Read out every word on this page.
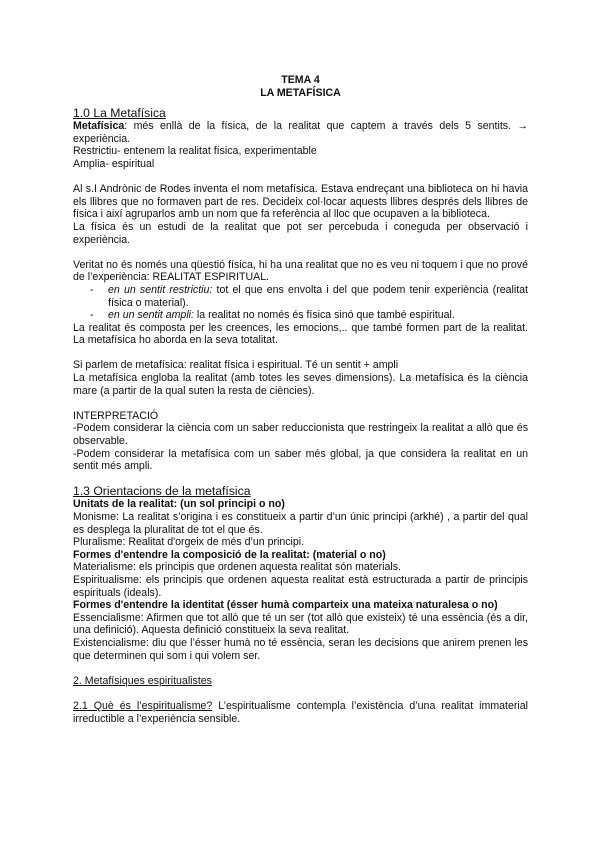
TEMA 4

LA METAFÍSICA

1.0 La Metafísica

Metafísica: més enllà de la física, de la realitat que captem a través dels 5 sentits. → experiència.

Restrictiu- entenem la realitat física, experimentable

Amplia- espiritual

Al s.I Andrònic de Rodes inventa el nom metafísica. Estava endreçant una biblioteca on hi havia els llibres que no formaven part de res. Decideix col·locar aquests llibres després dels llibres de física i així agruparlos amb un nom que fa referència al lloc que ocupaven a la biblioteca.

La física és un estudi de la realitat que pot ser percebuda i coneguda per observació i experiència.

Veritat no és només una qüestió física, hi ha una realitat que no es veu ni toquem i que no prové de l’experiència: REALITAT ESPIRITUAL.

- en un sentit restrictiu: tot el que ens envolta i del que podem tenir experiència (realitat física o material).
- en un sentit ampli: la realitat no només és física sinó que també espiritual.

La realitat és composta per les creences, les emocions,.. que també formen part de la realitat. La metafísica ho aborda en la seva totalitat.

Si parlem de metafísica: realitat física i espiritual. Té un sentit + ampli

La metafísica engloba la realitat (amb totes les seves dimensions). La metafísica és la ciència mare (a partir de la qual suten la resta de ciències).

INTERPRETACIÓ

-Podem considerar la ciència com un saber reduccionista que restringeix la realitat a allò que és observable.

-Podem considerar la metafísica com un saber més global, ja que considera la realitat en un sentit més ampli.

1.3 Orientacions de la metafísica

Unitats de la realitat: (un sol principi o no)

Monisme: La realitat s’origina i es constitueix a partir d’un únic principi (arkhé) , a partir del qual es desplega la pluralitat de tot el que és.

Pluralisme: Realitat d'orgeix de més d’un principi.

Formes d'entendre la composició de la realitat: (material o no)

Materialisme: els principis que ordenen aquesta realitat són materials.

Espiritualisme: els principis que ordenen aquesta realitat està estructurada a partir de principis espirituals (ideals).

Formes d'entendre la identitat (ésser humà comparteix una mateixa naturalesa o no)

Essencialisme: Afirmen que tot allò que té un ser (tot allò que existeix) té una essència (és a dir, una definició). Aquesta definició constitueix la seva realitat.

Existencialisme: diu que l’ésser humà no té essència, seran les decisions que anirem prenen les que determinen qui som i qui volem ser.

2. Metafísiques espiritualistes

2.1 Què és l’espiritualisme? L’espiritualisme contempla l’existència d’una realitat immaterial irreductible a l’experiència sensible.
